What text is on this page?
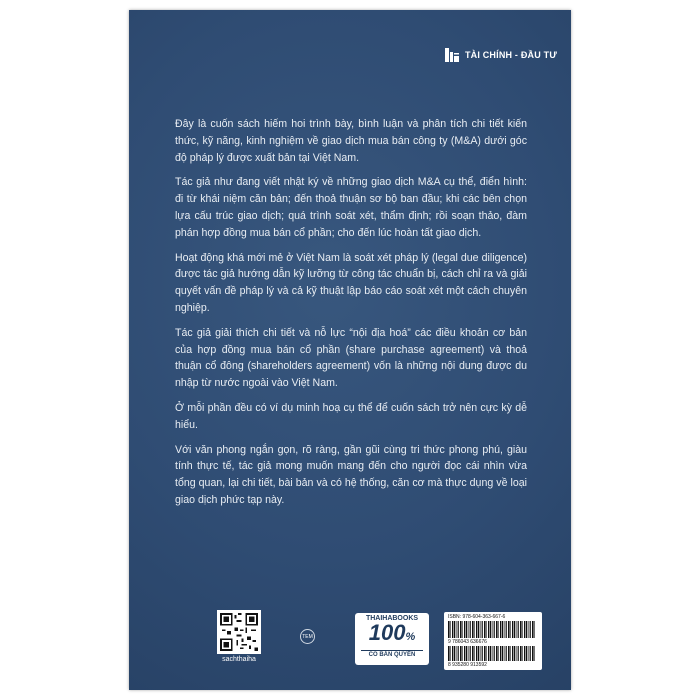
TÀI CHÍNH - ĐẦU TƯ

Đây là cuốn sách hiếm hoi trình bày, bình luận và phân tích chi tiết kiến thức, kỹ năng, kinh nghiệm về giao dịch mua bán công ty (M&A) dưới góc độ pháp lý được xuất bản tại Việt Nam.

Tác giả như đang viết nhật ký về những giao dịch M&A cụ thể, điển hình: đi từ khái niệm căn bản; đến thoả thuận sơ bộ ban đầu; khi các bên chọn lựa cấu trúc giao dịch; quá trình soát xét, thẩm định; rồi soạn thảo, đàm phán hợp đồng mua bán cổ phần; cho đến lúc hoàn tất giao dịch.

Hoạt động khá mới mẻ ở Việt Nam là soát xét pháp lý (legal due diligence) được tác giả hướng dẫn kỹ lưỡng từ công tác chuẩn bị, cách chỉ ra và giải quyết vấn đề pháp lý và cả kỹ thuật lập báo cáo soát xét một cách chuyên nghiệp.

Tác giả giải thích chi tiết và nỗ lực “nội địa hoá” các điều khoản cơ bản của hợp đồng mua bán cổ phần (share purchase agreement) và thoả thuận cổ đông (shareholders agreement) vốn là những nội dung được du nhập từ nước ngoài vào Việt Nam.

Ở mỗi phần đều có ví dụ minh hoạ cụ thể để cuốn sách trở nên cực kỳ dễ hiểu.

Với văn phong ngắn gọn, rõ ràng, gần gũi cùng tri thức phong phú, giàu tính thực tế, tác giả mong muốn mang đến cho người đọc cái nhìn vừa tổng quan, lại chi tiết, bài bản và có hệ thống, căn cơ mà thực dụng về loại giao dịch phức tạp này.

sachthaiha
TEM
THAIHABOOKS
100%
CÓ BẢN QUYỀN
ISBN: 978-604-363-667-6
9 786043 636676
8 935280 913592
